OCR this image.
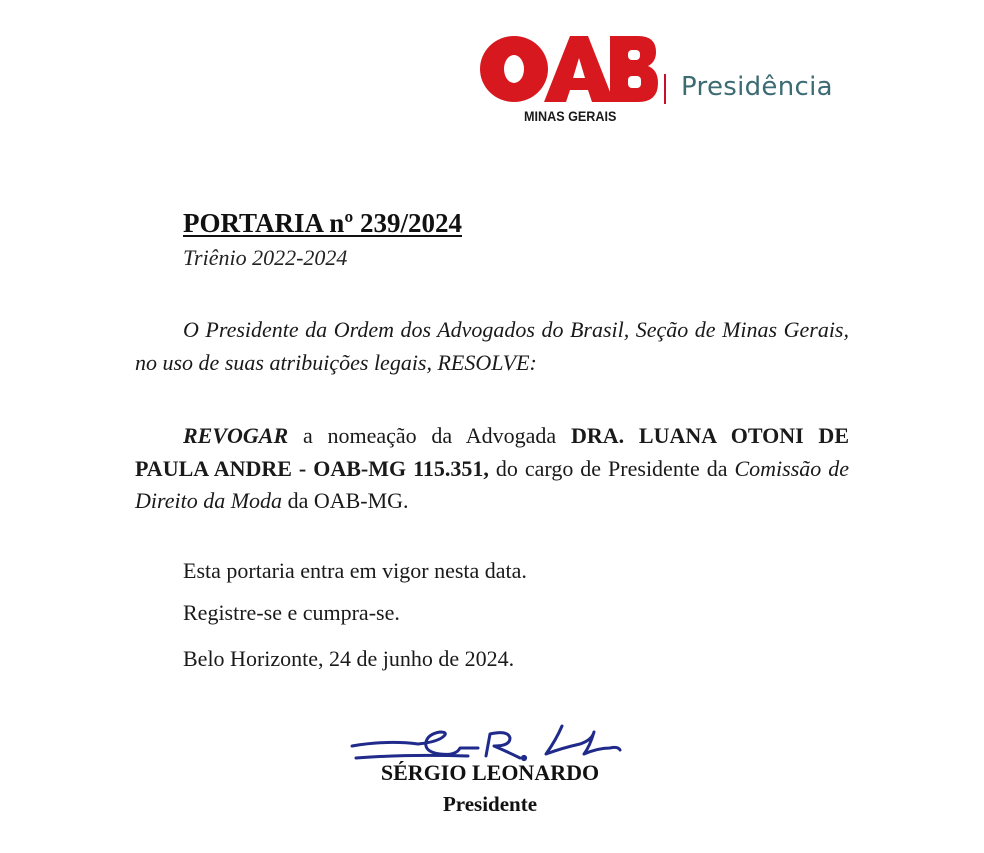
MINAS GERAIS
Presidência
PORTARIA nº 239/2024
Triênio 2022-2024
O Presidente da Ordem dos Advogados do Brasil, Seção de Minas Gerais, no uso de suas atribuições legais, RESOLVE:
REVOGAR a nomeação da Advogada DRA. LUANA OTONI DE PAULA ANDRE - OAB-MG 115.351, do cargo de Presidente da Comissão de Direito da Moda da OAB-MG.
Esta portaria entra em vigor nesta data.
Registre-se e cumpra-se.
Belo Horizonte, 24 de junho de 2024.
SÉRGIO LEONARDO
Presidente
